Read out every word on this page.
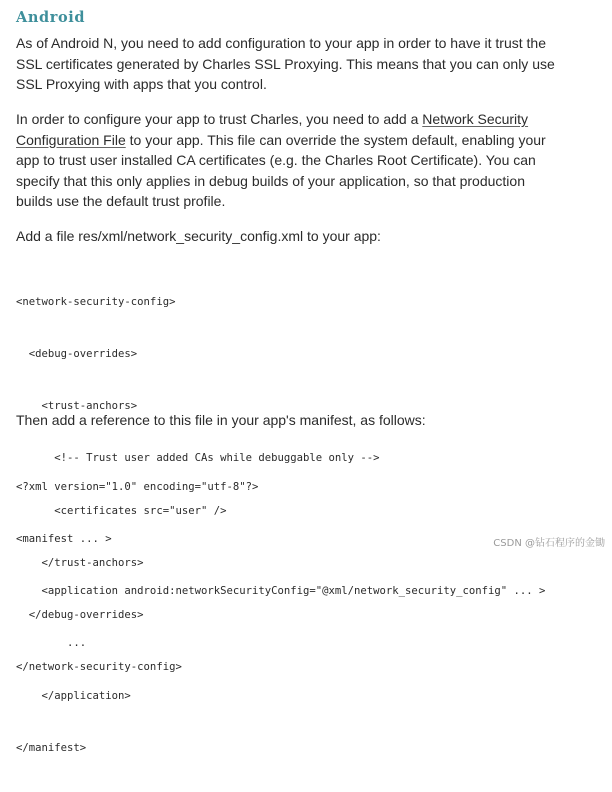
Android
As of Android N, you need to add configuration to your app in order to have it trust the
SSL certificates generated by Charles SSL Proxying. This means that you can only use
SSL Proxying with apps that you control.
In order to configure your app to trust Charles, you need to add a Network Security
Configuration File to your app. This file can override the system default, enabling your
app to trust user installed CA certificates (e.g. the Charles Root Certificate). You can
specify that this only applies in debug builds of your application, so that production
builds use the default trust profile.
Add a file res/xml/network_security_config.xml to your app:

<network-security-config>

<debug-overrides>

<trust-anchors>

<!-- Trust user added CAs while debuggable only -->

<certificates src="user" />

</trust-anchors>

</debug-overrides>

</network-security-config>

Then add a reference to this file in your app's manifest, as follows:

<?xml version="1.0" encoding="utf-8"?>

<manifest ... >

<application android:networkSecurityConfig="@xml/network_security_config" ... >

...

</application>

</manifest>

CSDN @钻石程序的金锄
